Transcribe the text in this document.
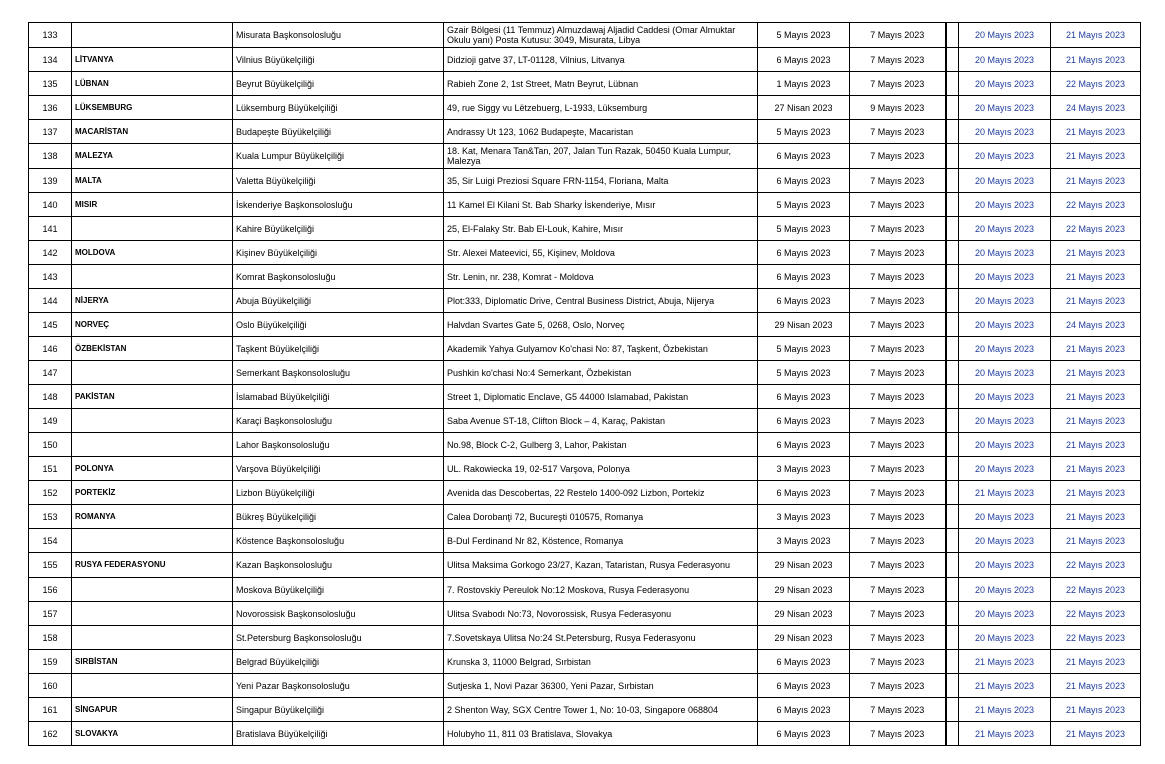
133		Misurata Başkonsolosluğu	Gzair Bölgesi (11 Temmuz) Almuzdawaj Aljadid Caddesi (Omar Almuktar Okulu yanı) Posta Kutusu: 3049, Misurata, Libya	5 Mayıs 2023	7 Mayıs 2023		20 Mayıs 2023	21 Mayıs 2023
134	LİTVANYA	Vilnius Büyükelçiliği	Didzioji gatve 37, LT-01128, Vilnius, Litvanya	6 Mayıs 2023	7 Mayıs 2023		20 Mayıs 2023	21 Mayıs 2023
135	LÜBNAN	Beyrut Büyükelçiliği	Rabieh Zone 2, 1st Street, Matn Beyrut, Lübnan	1 Mayıs 2023	7 Mayıs 2023		20 Mayıs 2023	22 Mayıs 2023
136	LÜKSEMBURG	Lüksemburg Büyükelçiliği	49, rue Siggy vu Lëtzebuerg, L-1933, Lüksemburg	27 Nisan 2023	9 Mayıs 2023		20 Mayıs 2023	24 Mayıs 2023
137	MACARİSTAN	Budapeşte Büyükelçiliği	Andrassy Ut 123, 1062 Budapeşte, Macaristan	5 Mayıs 2023	7 Mayıs 2023		20 Mayıs 2023	21 Mayıs 2023
138	MALEZYA	Kuala Lumpur Büyükelçiliği	18. Kat, Menara Tan&Tan, 207, Jalan Tun Razak, 50450 Kuala Lumpur, Malezya	6 Mayıs 2023	7 Mayıs 2023		20 Mayıs 2023	21 Mayıs 2023
139	MALTA	Valetta Büyükelçiliği	35, Sir Luigi Preziosi Square FRN-1154, Floriana, Malta	6 Mayıs 2023	7 Mayıs 2023		20 Mayıs 2023	21 Mayıs 2023
140	MISIR	İskenderiye Başkonsolosluğu	11 Kamel El Kilani St. Bab Sharky İskenderiye, Mısır	5 Mayıs 2023	7 Mayıs 2023		20 Mayıs 2023	22 Mayıs 2023
141		Kahire Büyükelçiliği	25, El-Falaky Str. Bab El-Louk, Kahire, Mısır	5 Mayıs 2023	7 Mayıs 2023		20 Mayıs 2023	22 Mayıs 2023
142	MOLDOVA	Kişinev Büyükelçiliği	Str. Alexei Mateevici, 55, Kişinev, Moldova	6 Mayıs 2023	7 Mayıs 2023		20 Mayıs 2023	21 Mayıs 2023
143		Komrat Başkonsolosluğu	Str. Lenin, nr. 238, Komrat - Moldova	6 Mayıs 2023	7 Mayıs 2023		20 Mayıs 2023	21 Mayıs 2023
144	NİJERYA	Abuja Büyükelçiliği	Plot:333, Diplomatic Drive, Central Business District, Abuja, Nijerya	6 Mayıs 2023	7 Mayıs 2023		20 Mayıs 2023	21 Mayıs 2023
145	NORVEÇ	Oslo Büyükelçiliği	Halvdan Svartes Gate 5, 0268, Oslo, Norveç	29 Nisan 2023	7 Mayıs 2023		20 Mayıs 2023	24 Mayıs 2023
146	ÖZBEKİSTAN	Taşkent Büyükelçiliği	Akademik Yahya Gulyamov Ko'chasi No: 87, Taşkent, Özbekistan	5 Mayıs 2023	7 Mayıs 2023		20 Mayıs 2023	21 Mayıs 2023
147		Semerkant Başkonsolosluğu	Pushkin ko'chasi No:4 Semerkant, Özbekistan	5 Mayıs 2023	7 Mayıs 2023		20 Mayıs 2023	21 Mayıs 2023
148	PAKİSTAN	İslamabad Büyükelçiliği	Street 1, Diplomatic Enclave, G5 44000 Islamabad, Pakistan	6 Mayıs 2023	7 Mayıs 2023		20 Mayıs 2023	21 Mayıs 2023
149		Karaçi Başkonsolosluğu	Saba Avenue ST-18, Clifton Block – 4, Karaç, Pakistan	6 Mayıs 2023	7 Mayıs 2023		20 Mayıs 2023	21 Mayıs 2023
150		Lahor Başkonsolosluğu	No.98, Block C-2, Gulberg 3, Lahor, Pakistan	6 Mayıs 2023	7 Mayıs 2023		20 Mayıs 2023	21 Mayıs 2023
151	POLONYA	Varşova Büyükelçiliği	UL. Rakowiecka 19, 02-517 Varşova, Polonya	3 Mayıs 2023	7 Mayıs 2023		20 Mayıs 2023	21 Mayıs 2023
152	PORTEKİZ	Lizbon Büyükelçiliği	Avenida das Descobertas, 22 Restelo 1400-092 Lizbon, Portekiz	6 Mayıs 2023	7 Mayıs 2023		21 Mayıs 2023	21 Mayıs 2023
153	ROMANYA	Bükreş Büyükelçiliği	Calea Dorobanţi 72, Bucureşti 010575, Romanya	3 Mayıs 2023	7 Mayıs 2023		20 Mayıs 2023	21 Mayıs 2023
154		Köstence Başkonsolosluğu	B-Dul Ferdinand Nr 82, Köstence, Romanya	3 Mayıs 2023	7 Mayıs 2023		20 Mayıs 2023	21 Mayıs 2023
155	RUSYA FEDERASYONU	Kazan Başkonsolosluğu	Ulitsa Maksima Gorkogo 23/27, Kazan, Tataristan, Rusya Federasyonu	29 Nisan 2023	7 Mayıs 2023		20 Mayıs 2023	22 Mayıs 2023
156		Moskova Büyükelçiliği	7. Rostovskiy Pereulok No:12 Moskova, Rusya Federasyonu	29 Nisan 2023	7 Mayıs 2023		20 Mayıs 2023	22 Mayıs 2023
157		Novorossisk Başkonsolosluğu	Ulitsa Svabodı No:73, Novorossisk, Rusya Federasyonu	29 Nisan 2023	7 Mayıs 2023		20 Mayıs 2023	22 Mayıs 2023
158		St.Petersburg Başkonsolosluğu	7.Sovetskaya Ulitsa No:24 St.Petersburg, Rusya Federasyonu	29 Nisan 2023	7 Mayıs 2023		20 Mayıs 2023	22 Mayıs 2023
159	SIRBİSTAN	Belgrad Büyükelçiliği	Krunska 3, 11000 Belgrad, Sırbistan	6 Mayıs 2023	7 Mayıs 2023		21 Mayıs 2023	21 Mayıs 2023
160		Yeni Pazar Başkonsolosluğu	Sutjeska 1, Novi Pazar 36300, Yeni Pazar, Sırbistan	6 Mayıs 2023	7 Mayıs 2023		21 Mayıs 2023	21 Mayıs 2023
161	SİNGAPUR	Singapur Büyükelçiliği	2 Shenton Way, SGX Centre Tower 1, No: 10-03, Singapore 068804	6 Mayıs 2023	7 Mayıs 2023		21 Mayıs 2023	21 Mayıs 2023
162	SLOVAKYA	Bratislava Büyükelçiliği	Holubyho 11, 811 03 Bratislava, Slovakya	6 Mayıs 2023	7 Mayıs 2023		21 Mayıs 2023	21 Mayıs 2023
